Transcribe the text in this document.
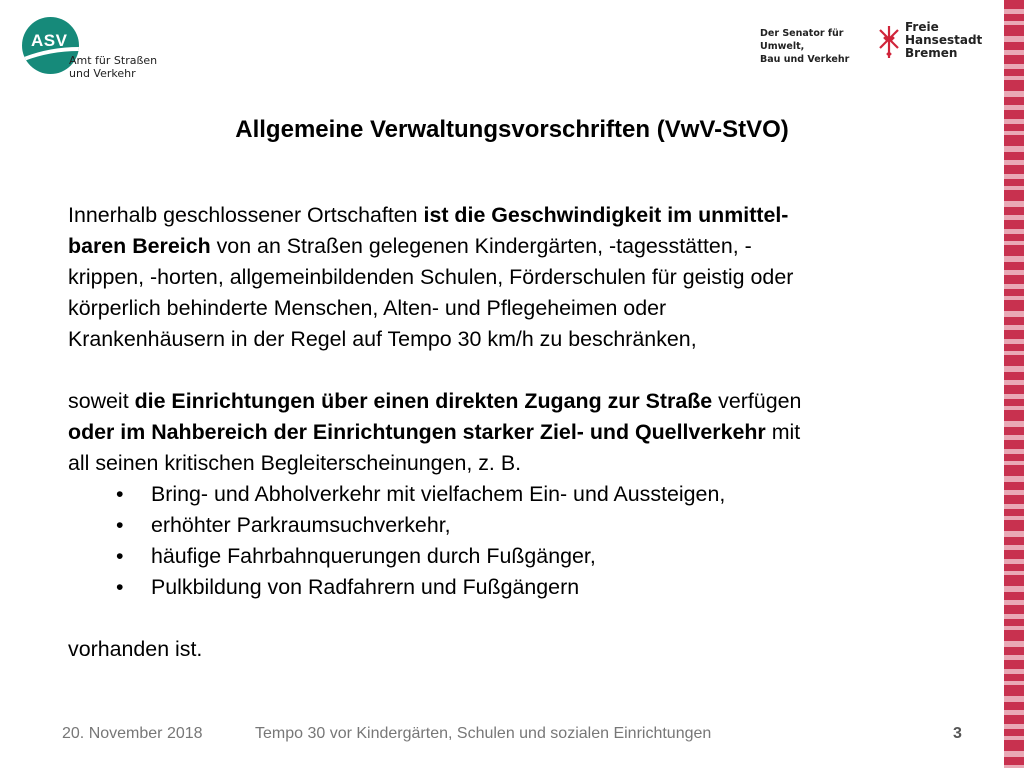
ASV
Amt für Straßen
und Verkehr
Der Senator für Umwelt,
Bau und Verkehr
Freie
Hansestadt
Bremen
Allgemeine Verwaltungsvorschriften (VwV-StVO)

Innerhalb geschlossener Ortschaften ist die Geschwindigkeit im unmittel-

baren Bereich von an Straßen gelegenen Kindergärten, -tagesstätten, -

krippen, -horten, allgemeinbildenden Schulen, Förderschulen für geistig oder

körperlich behinderte Menschen, Alten- und Pflegeheimen oder

Krankenhäusern in der Regel auf Tempo 30 km/h zu beschränken,

soweit die Einrichtungen über einen direkten Zugang zur Straße verfügen

oder im Nahbereich der Einrichtungen starker Ziel- und Quellverkehr mit

all seinen kritischen Begleiterscheinungen, z. B.

• Bring- und Abholverkehr mit vielfachem Ein- und Aussteigen,
• erhöhter Parkraumsuchverkehr,
• häufige Fahrbahnquerungen durch Fußgänger,
• Pulkbildung von Radfahrern und Fußgängern

vorhanden ist.

20. November 2018	Tempo 30 vor Kindergärten, Schulen und sozialen Einrichtungen	3
